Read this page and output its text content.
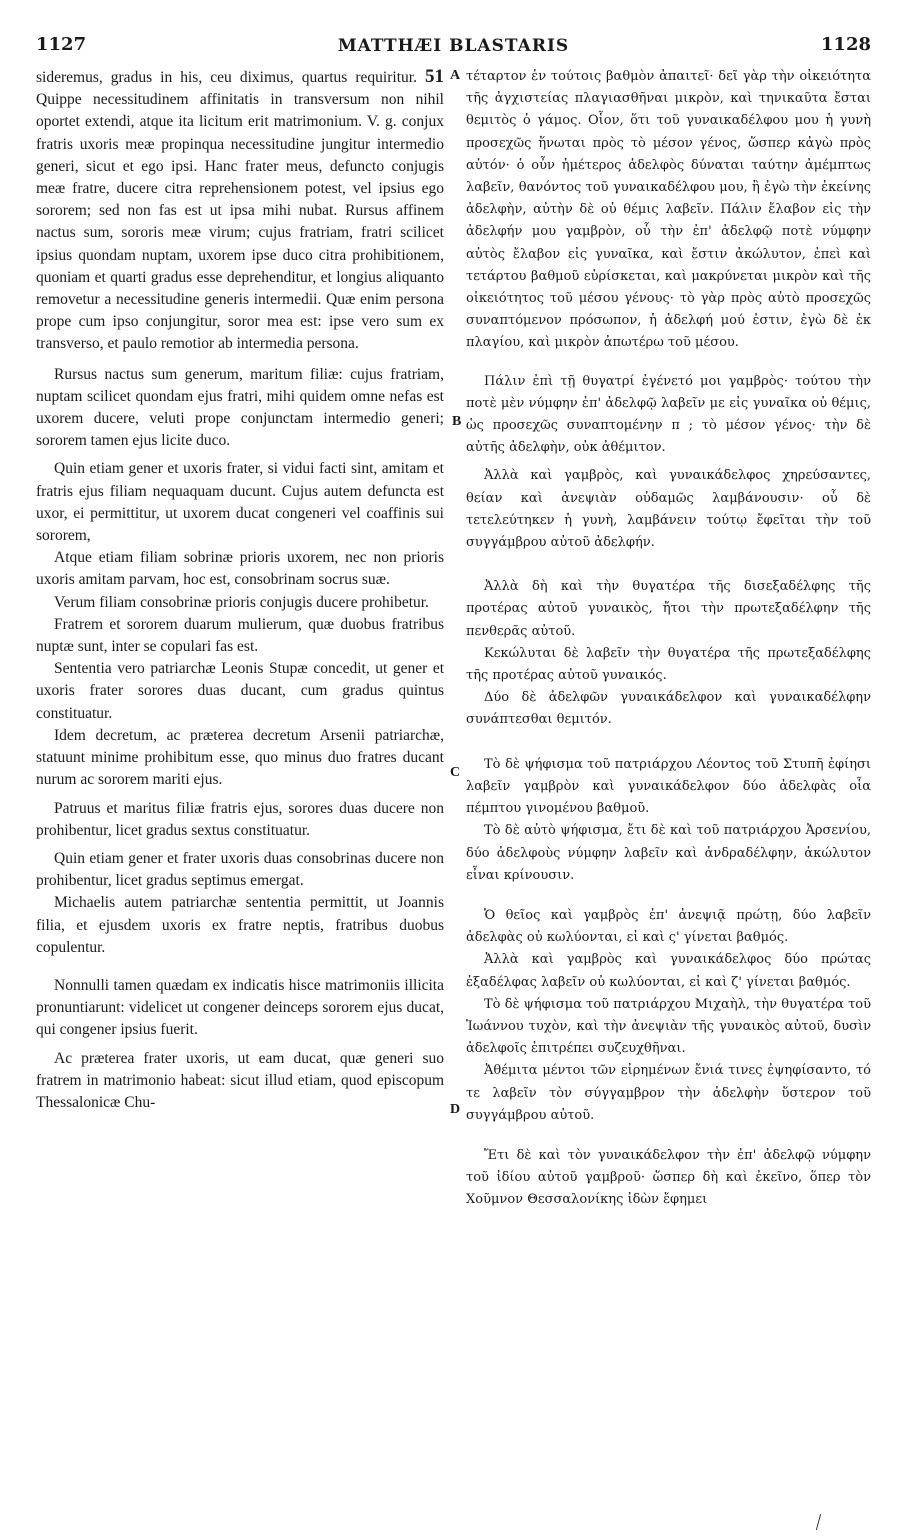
1127	MATTHÆI BLASTARIS	1128
A
B
C
D

sideremus, gradus in his, ceu diximus, quartus requiritur. 51 Quippe necessitudinem affinitatis in transversum non nihil oportet extendi, atque ita licitum erit matrimonium. V. g. conjux fratris uxoris meæ propinqua necessitudine jungitur intermedio generi, sicut et ego ipsi. Hanc frater meus, defuncto conjugis meæ fratre, ducere citra reprehensionem potest, vel ipsius ego sororem; sed non fas est ut ipsa mihi nubat. Rursus affinem nactus sum, sororis meæ virum; cujus fratriam, fratri scilicet ipsius quondam nuptam, uxorem ipse duco citra prohibitionem, quoniam et quarti gradus esse deprehenditur, et longius aliquanto removetur a necessitudine generis intermedii. Quæ enim persona prope cum ipso conjungitur, soror mea est: ipse vero sum ex transverso, et paulo remotior ab intermedia persona.

Rursus nactus sum generum, maritum filiæ: cujus fratriam, nuptam scilicet quondam ejus fratri, mihi quidem omne nefas est uxorem ducere, veluti prope conjunctam intermedio generi; sororem tamen ejus licite duco.

Quin etiam gener et uxoris frater, si vidui facti sint, amitam et fratris ejus filiam nequaquam ducunt. Cujus autem defuncta est uxor, ei permittitur, ut uxorem ducat congeneri vel coaffinis sui sororem,

Atque etiam filiam sobrinæ prioris uxorem, nec non prioris uxoris amitam parvam, hoc est, consobrinam socrus suæ.

Verum filiam consobrinæ prioris conjugis ducere prohibetur.

Fratrem et sororem duarum mulierum, quæ duobus fratribus nuptæ sunt, inter se copulari fas est.

Sententia vero patriarchæ Leonis Stupæ concedit, ut gener et uxoris frater sorores duas ducant, cum gradus quintus constituatur.

Idem decretum, ac præterea decretum Arsenii patriarchæ, statuunt minime prohibitum esse, quo minus duo fratres ducant nurum ac sororem mariti ejus.

Patruus et maritus filiæ fratris ejus, sorores duas ducere non prohibentur, licet gradus sextus constituatur.

Quin etiam gener et frater uxoris duas consobrinas ducere non prohibentur, licet gradus septimus emergat.

Michaelis autem patriarchæ sententia permittit, ut Joannis filia, et ejusdem uxoris ex fratre neptis, fratribus duobus copulentur.

Nonnulli tamen quædam ex indicatis hisce matrimoniis illicita pronuntiarunt: videlicet ut congener deinceps sororem ejus ducat, qui congener ipsius fuerit.

Ac præterea frater uxoris, ut eam ducat, quæ generi suo fratrem in matrimonio habeat: sicut illud etiam, quod episcopum Thessalonicæ Chu-

τέταρτον ἐν τούτοις βαθμὸν ἀπαιτεῖ· δεῖ γὰρ τὴν οἰκειότητα τῆς ἀγχιστείας πλαγιασθῆναι μικρὸν, καὶ τηνικαῦτα ἔσται θεμιτὸς ὁ γάμος. Οἷον, ὅτι τοῦ γυναικαδέλφου μου ἡ γυνὴ προσεχῶς ἥνωται πρὸς τὸ μέσον γένος, ὥσπερ κἀγὼ πρὸς αὐτόν· ὁ οὖν ἡμέτερος ἀδελφὸς δύναται ταύτην ἀμέμπτως λαβεῖν, θανόντος τοῦ γυναικαδέλφου μου, ἢ ἐγὼ τὴν ἐκείνης ἀδελφὴν, αὐτὴν δὲ οὐ θέμις λαβεῖν. Πάλιν ἔλαβον εἰς τὴν ἀδελφήν μου γαμβρὸν, οὗ τὴν ἐπ' ἀδελφῷ ποτὲ νύμφην αὐτὸς ἔλαβον εἰς γυναῖκα, καὶ ἔστιν ἀκώλυτον, ἐπεὶ καὶ τετάρτου βαθμοῦ εὑρίσκεται, καὶ μακρύνεται μικρὸν καὶ τῆς οἰκειότητος τοῦ μέσου γένους· τὸ γὰρ πρὸς αὐτὸ προσεχῶς συναπτόμενον πρόσωπον, ἡ ἀδελφή μού ἐστιν, ἐγὼ δὲ ἐκ πλαγίου, καὶ μικρὸν ἀπωτέρω τοῦ μέσου.

Πάλιν ἐπὶ τῇ θυγατρί ἐγένετό μοι γαμβρὸς· τούτου τὴν ποτὲ μὲν νύμφην ἐπ' ἀδελφῷ λαβεῖν με εἰς γυναῖκα οὐ θέμις, ὡς προσεχῶς συναπτομένην π ; τὸ μέσον γένος· τὴν δὲ αὐτῆς ἀδελφὴν, οὐκ ἀθέμιτον.

Ἀλλὰ καὶ γαμβρὸς, καὶ γυναικάδελφος χηρεύσαντες, θείαν καὶ ἀνεψιὰν οὐδαμῶς λαμβάνουσιν· οὗ δὲ τετελεύτηκεν ἡ γυνὴ, λαμβάνειν τούτῳ ἔφεῖται τὴν τοῦ συγγάμβρου αὐτοῦ ἀδελφήν.

Ἀλλὰ δὴ καὶ τὴν θυγατέρα τῆς δισεξαδέλφης τῆς προτέρας αὐτοῦ γυναικὸς, ἤτοι τὴν πρωτεξαδέλφην τῆς πενθερᾶς αὐτοῦ.

Κεκώλυται δὲ λαβεῖν τὴν θυγατέρα τῆς πρωτεξαδέλφης τῆς προτέρας αὐτοῦ γυναικός.

Δύο δὲ ἀδελφῶν γυναικάδελφον καὶ γυναικαδέλφην συνάπτεσθαι θεμιτόν.

Τὸ δὲ ψήφισμα τοῦ πατριάρχου Λέοντος τοῦ Στυπῆ ἐφίησι λαβεῖν γαμβρὸν καὶ γυναικάδελφον δύο ἀδελφὰς οἷα πέμπτου γινομένου βαθμοῦ.

Τὸ δὲ αὐτὸ ψήφισμα, ἔτι δὲ καὶ τοῦ πατριάρχου Ἀρσενίου, δύο ἀδελφοὺς νύμφην λαβεῖν καὶ ἀνδραδέλφην, ἀκώλυτον εἶναι κρίνουσιν.

Ὁ θεῖος καὶ γαμβρὸς ἐπ' ἀνεψιᾷ πρώτῃ, δύο λαβεῖν ἀδελφὰς οὐ κωλύονται, εἰ καὶ ς' γίνεται βαθμός.

Ἀλλὰ καὶ γαμβρὸς καὶ γυναικάδελφος δύο πρώτας ἐξαδέλφας λαβεῖν οὐ κωλύονται, εἰ καὶ ζ' γίνεται βαθμός.

Τὸ δὲ ψήφισμα τοῦ πατριάρχου Μιχαὴλ, τὴν θυγατέρα τοῦ Ἰωάννου τυχὸν, καὶ τὴν ἀνεψιὰν τῆς γυναικὸς αὐτοῦ, δυσὶν ἀδελφοῖς ἐπιτρέπει συζευχθῆναι.

Ἀθέμιτα μέντοι τῶν εἰρημένων ἔνιά τινες ἐψηφίσαντο, τό τε λαβεῖν τὸν σύγγαμβρον τὴν ἀδελφὴν ὕστερον τοῦ συγγάμβρου αὐτοῦ.

Ἔτι δὲ καὶ τὸν γυναικάδελφον τὴν ἐπ' ἀδελφῷ νύμφην τοῦ ἰδίου αὐτοῦ γαμβροῦ· ὥσπερ δὴ καὶ ἐκεῖνο, ὅπερ τὸν Χοῦμνον Θεσσαλονίκης ἰδὼν ἔφημει
